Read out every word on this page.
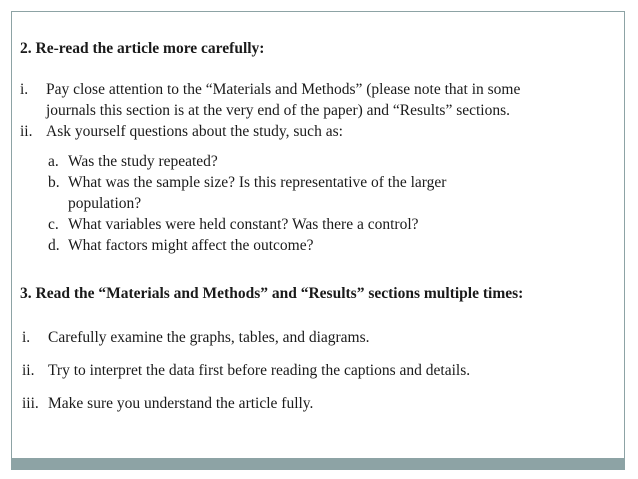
2. Re-read the article more carefully:
i. Pay close attention to the “Materials and Methods” (please note that in some
journals this section is at the very end of the paper) and “Results” sections.
ii. Ask yourself questions about the study, such as:
a. Was the study repeated?
b. What was the sample size? Is this representative of the larger
population?
c. What variables were held constant? Was there a control?
d. What factors might affect the outcome?
3. Read the “Materials and Methods” and “Results” sections multiple times:
i. Carefully examine the graphs, tables, and diagrams.
ii. Try to interpret the data first before reading the captions and details.
iii. Make sure you understand the article fully.
